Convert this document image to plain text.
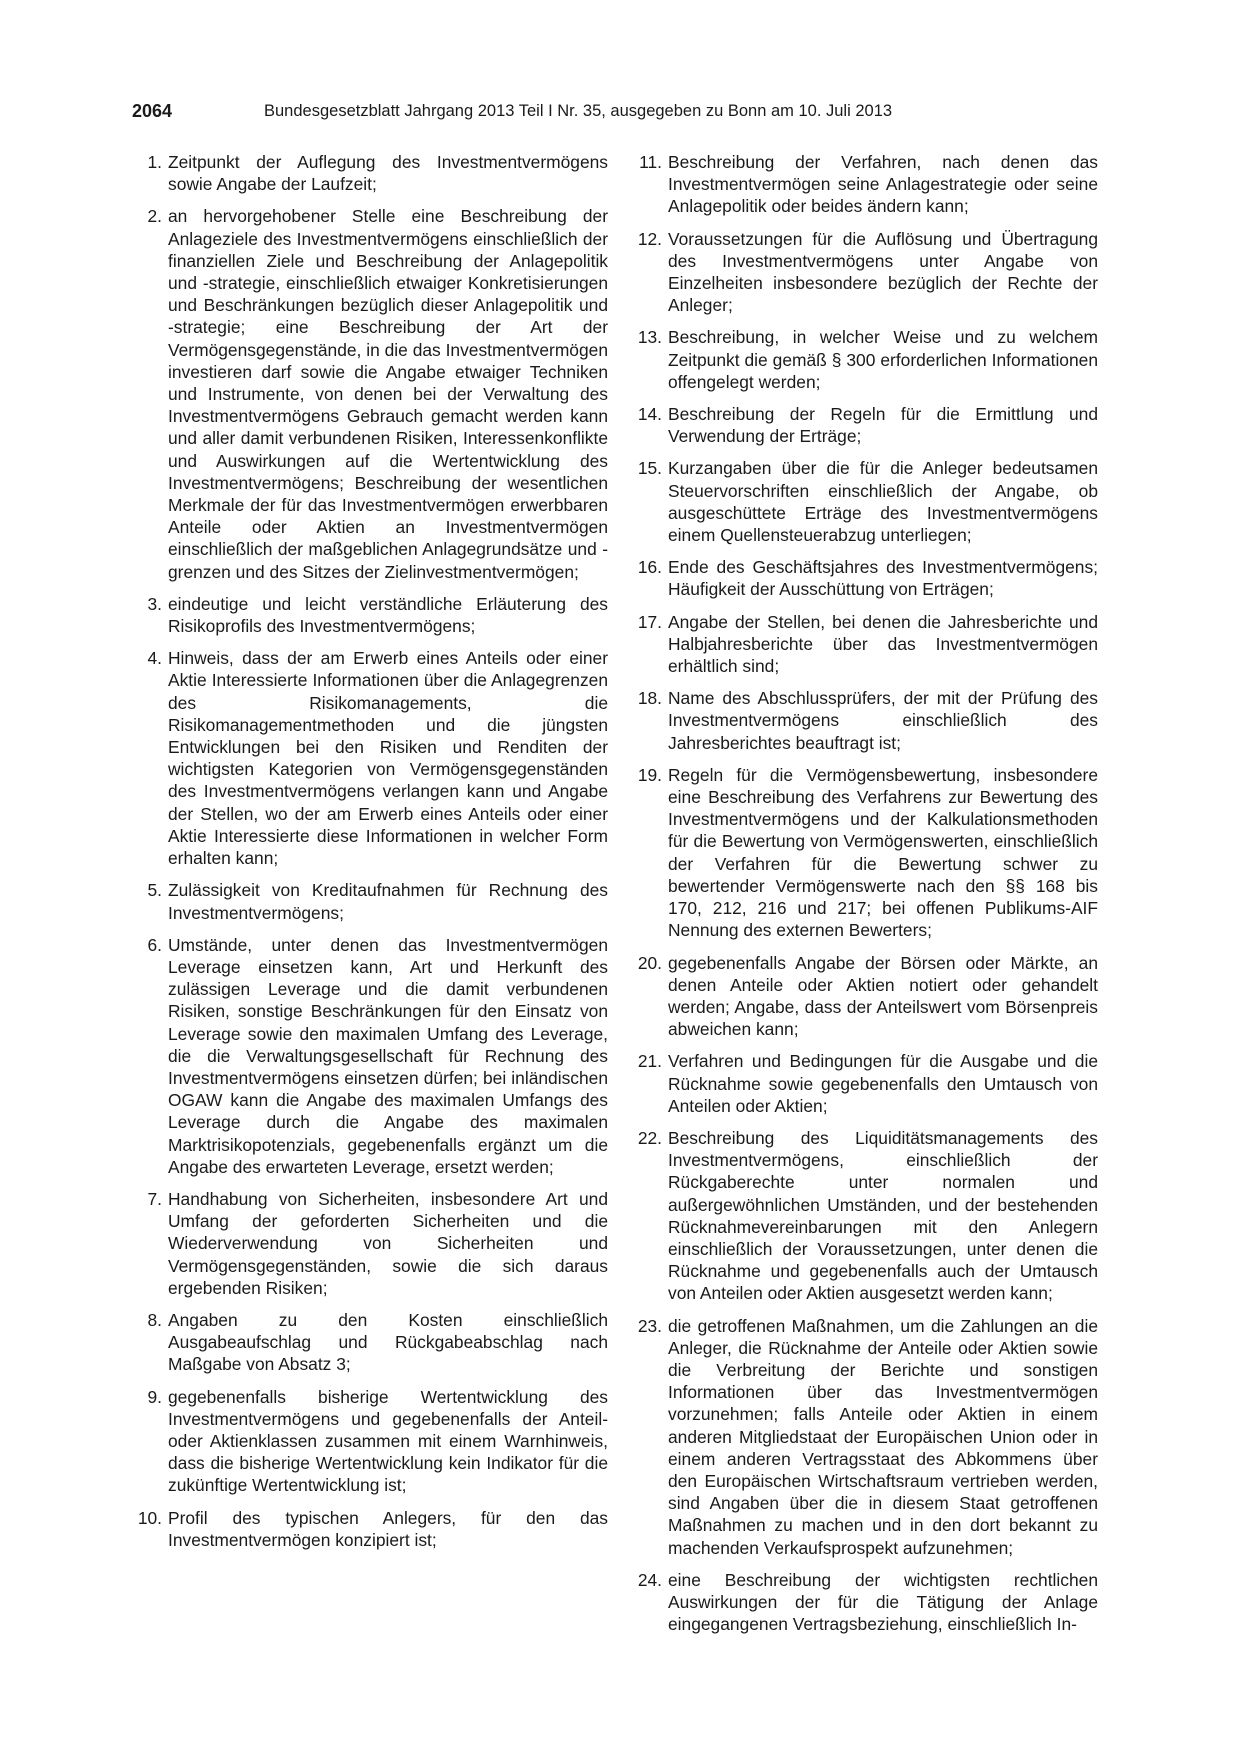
2064	Bundesgesetzblatt Jahrgang 2013 Teil I Nr. 35, ausgegeben zu Bonn am 10. Juli 2013
1. Zeitpunkt der Auflegung des Investmentvermögens sowie Angabe der Laufzeit;
2. an hervorgehobener Stelle eine Beschreibung der Anlageziele des Investmentvermögens einschließlich der finanziellen Ziele und Beschreibung der Anlagepolitik und -strategie, einschließlich etwaiger Konkretisierungen und Beschränkungen bezüglich dieser Anlagepolitik und -strategie; eine Beschreibung der Art der Vermögensgegenstände, in die das Investmentvermögen investieren darf sowie die Angabe etwaiger Techniken und Instrumente, von denen bei der Verwaltung des Investmentvermögens Gebrauch gemacht werden kann und aller damit verbundenen Risiken, Interessenkonflikte und Auswirkungen auf die Wertentwicklung des Investmentvermögens; Beschreibung der wesentlichen Merkmale der für das Investmentvermögen erwerbbaren Anteile oder Aktien an Investmentvermögen einschließlich der maßgeblichen Anlagegrundsätze und -grenzen und des Sitzes der Zielinvestmentvermögen;
3. eindeutige und leicht verständliche Erläuterung des Risikoprofils des Investmentvermögens;
4. Hinweis, dass der am Erwerb eines Anteils oder einer Aktie Interessierte Informationen über die Anlagegrenzen des Risikomanagements, die Risikomanagementmethoden und die jüngsten Entwicklungen bei den Risiken und Renditen der wichtigsten Kategorien von Vermögensgegenständen des Investmentvermögens verlangen kann und Angabe der Stellen, wo der am Erwerb eines Anteils oder einer Aktie Interessierte diese Informationen in welcher Form erhalten kann;
5. Zulässigkeit von Kreditaufnahmen für Rechnung des Investmentvermögens;
6. Umstände, unter denen das Investmentvermögen Leverage einsetzen kann, Art und Herkunft des zulässigen Leverage und die damit verbundenen Risiken, sonstige Beschränkungen für den Einsatz von Leverage sowie den maximalen Umfang des Leverage, die die Verwaltungsgesellschaft für Rechnung des Investmentvermögens einsetzen dürfen; bei inländischen OGAW kann die Angabe des maximalen Umfangs des Leverage durch die Angabe des maximalen Marktrisikopotenzials, gegebenenfalls ergänzt um die Angabe des erwarteten Leverage, ersetzt werden;
7. Handhabung von Sicherheiten, insbesondere Art und Umfang der geforderten Sicherheiten und die Wiederverwendung von Sicherheiten und Vermögensgegenständen, sowie die sich daraus ergebenden Risiken;
8. Angaben zu den Kosten einschließlich Ausgabeaufschlag und Rückgabeabschlag nach Maßgabe von Absatz 3;
9. gegebenenfalls bisherige Wertentwicklung des Investmentvermögens und gegebenenfalls der Anteil- oder Aktienklassen zusammen mit einem Warnhinweis, dass die bisherige Wertentwicklung kein Indikator für die zukünftige Wertentwicklung ist;
10. Profil des typischen Anlegers, für den das Investmentvermögen konzipiert ist;
11. Beschreibung der Verfahren, nach denen das Investmentvermögen seine Anlagestrategie oder seine Anlagepolitik oder beides ändern kann;
12. Voraussetzungen für die Auflösung und Übertragung des Investmentvermögens unter Angabe von Einzelheiten insbesondere bezüglich der Rechte der Anleger;
13. Beschreibung, in welcher Weise und zu welchem Zeitpunkt die gemäß § 300 erforderlichen Informationen offengelegt werden;
14. Beschreibung der Regeln für die Ermittlung und Verwendung der Erträge;
15. Kurzangaben über die für die Anleger bedeutsamen Steuervorschriften einschließlich der Angabe, ob ausgeschüttete Erträge des Investmentvermögens einem Quellensteuerabzug unterliegen;
16. Ende des Geschäftsjahres des Investmentvermögens; Häufigkeit der Ausschüttung von Erträgen;
17. Angabe der Stellen, bei denen die Jahresberichte und Halbjahresberichte über das Investmentvermögen erhältlich sind;
18. Name des Abschlussprüfers, der mit der Prüfung des Investmentvermögens einschließlich des Jahresberichtes beauftragt ist;
19. Regeln für die Vermögensbewertung, insbesondere eine Beschreibung des Verfahrens zur Bewertung des Investmentvermögens und der Kalkulationsmethoden für die Bewertung von Vermögenswerten, einschließlich der Verfahren für die Bewertung schwer zu bewertender Vermögenswerte nach den §§ 168 bis 170, 212, 216 und 217; bei offenen Publikums-AIF Nennung des externen Bewerters;
20. gegebenenfalls Angabe der Börsen oder Märkte, an denen Anteile oder Aktien notiert oder gehandelt werden; Angabe, dass der Anteilswert vom Börsenpreis abweichen kann;
21. Verfahren und Bedingungen für die Ausgabe und die Rücknahme sowie gegebenenfalls den Umtausch von Anteilen oder Aktien;
22. Beschreibung des Liquiditätsmanagements des Investmentvermögens, einschließlich der Rückgaberechte unter normalen und außergewöhnlichen Umständen, und der bestehenden Rücknahmevereinbarungen mit den Anlegern einschließlich der Voraussetzungen, unter denen die Rücknahme und gegebenenfalls auch der Umtausch von Anteilen oder Aktien ausgesetzt werden kann;
23. die getroffenen Maßnahmen, um die Zahlungen an die Anleger, die Rücknahme der Anteile oder Aktien sowie die Verbreitung der Berichte und sonstigen Informationen über das Investmentvermögen vorzunehmen; falls Anteile oder Aktien in einem anderen Mitgliedstaat der Europäischen Union oder in einem anderen Vertragsstaat des Abkommens über den Europäischen Wirtschaftsraum vertrieben werden, sind Angaben über die in diesem Staat getroffenen Maßnahmen zu machen und in den dort bekannt zu machenden Verkaufsprospekt aufzunehmen;
24. eine Beschreibung der wichtigsten rechtlichen Auswirkungen der für die Tätigung der Anlage eingegangenen Vertragsbeziehung, einschließlich In-
